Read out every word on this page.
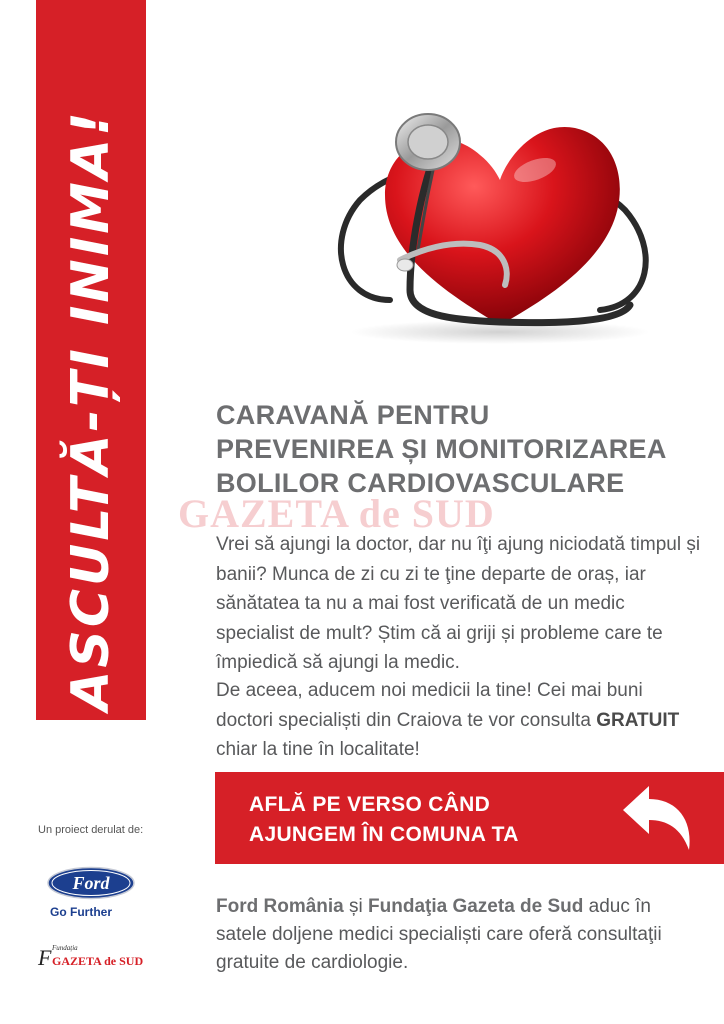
ASCULTĂ-ȚI INIMA!	CARAVANĂ PENTRU
PREVENIREA ȘI MONITORIZAREA
BOLILOR CARDIOVASCULARE
GAZETA de SUD
Vrei să ajungi la doctor, dar nu îţi ajung niciodată timpul și banii? Munca de zi cu zi te ţine departe de oraș, iar sănătatea ta nu a mai fost verificată de un medic specialist de mult? Știm că ai griji și probleme care te împiedică să ajungi la medic.
De aceea, aducem noi medicii la tine! Cei mai buni doctori specialiști din Craiova te vor consulta GRATUIT chiar la tine în localitate!
AFLĂ PE VERSO CÂND
AJUNGEM ÎN COMUNA TA
Un proiect derulat de:
Ford
Go Further
F Fundația
GAZETA de SUD
Ford România și Fundaţia Gazeta de Sud aduc în satele doljene medici specialiști care oferă consultaţii gratuite de cardiologie.
